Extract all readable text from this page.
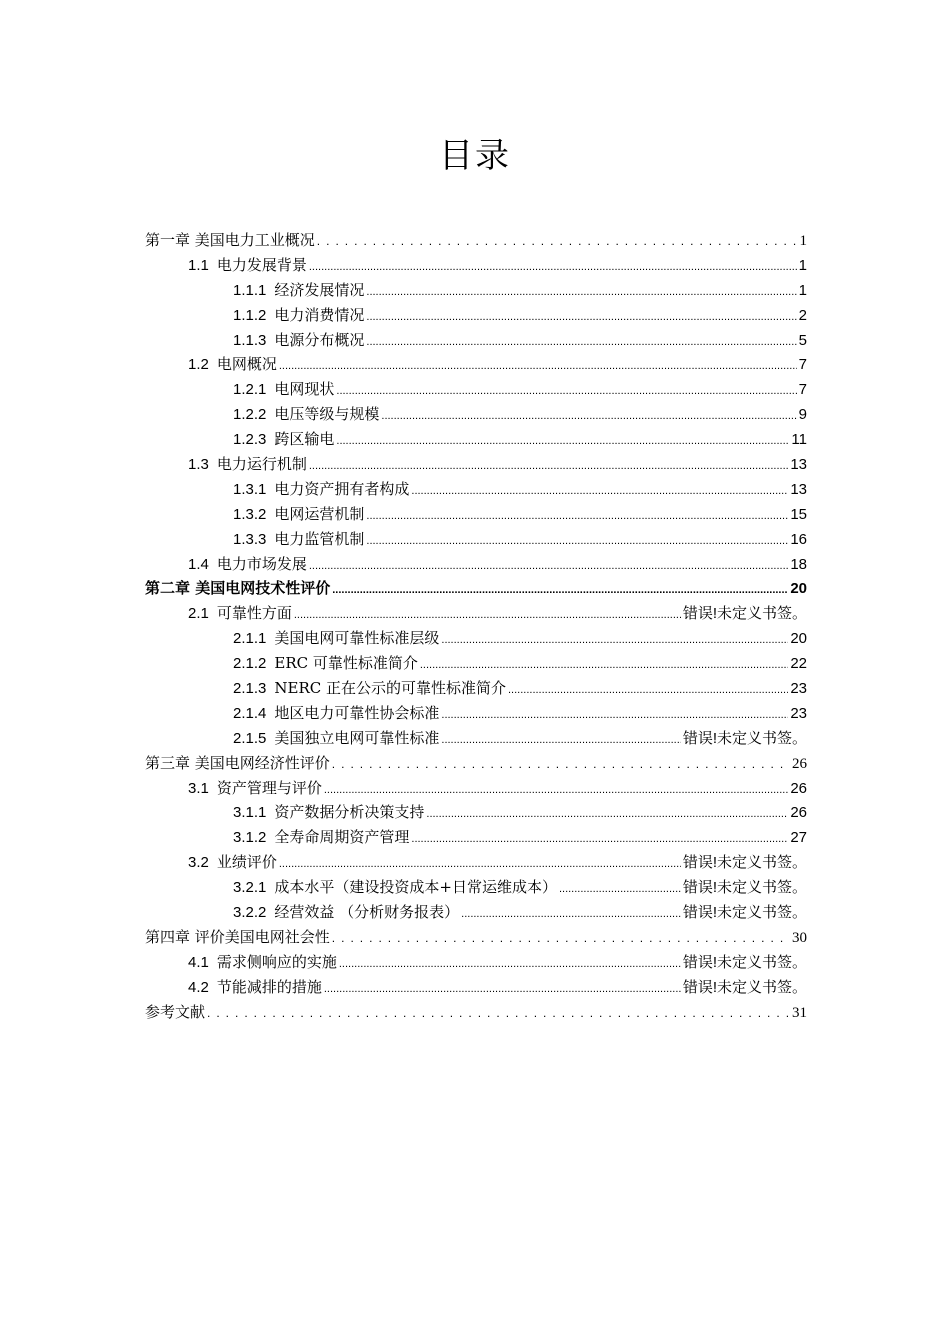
目录
第一章 美国电力工业概况 .....	1
1.1 电力发展背景 .....	1
1.1.1 经济发展情况 .....	1
1.1.2 电力消费情况 .....	2
1.1.3 电源分布概况 .....	5
1.2 电网概况 .....	7
1.2.1 电网现状 .....	7
1.2.2 电压等级与规模 .....	9
1.2.3 跨区输电 .....	11
1.3 电力运行机制 .....	13
1.3.1 电力资产拥有者构成 .....	13
1.3.2 电网运营机制 .....	15
1.3.3 电力监管机制 .....	16
1.4 电力市场发展 .....	18
第二章 美国电网技术性评价 .....	20
2.1 可靠性方面 .....	错误!未定义书签。
2.1.1 美国电网可靠性标准层级 .....	20
2.1.2 ERC 可靠性标准简介 .....	22
2.1.3 NERC 正在公示的可靠性标准简介 .....	23
2.1.4 地区电力可靠性协会标准 .....	23
2.1.5 美国独立电网可靠性标准 .....	错误!未定义书签。
第三章 美国电网经济性评价 .....	26
3.1 资产管理与评价 .....	26
3.1.1 资产数据分析决策支持 .....	26
3.1.2 全寿命周期资产管理 .....	27
3.2 业绩评价 .....	错误!未定义书签。
3.2.1 成本水平（建设投资成本+日常运维成本） .....	错误!未定义书签。
3.2.2 经营效益 （分析财务报表） .....	错误!未定义书签。
第四章 评价美国电网社会性 .....	30
4.1 需求侧响应的实施 .....	错误!未定义书签。
4.2 节能减排的措施 .....	错误!未定义书签。
参考文献 .....	31
